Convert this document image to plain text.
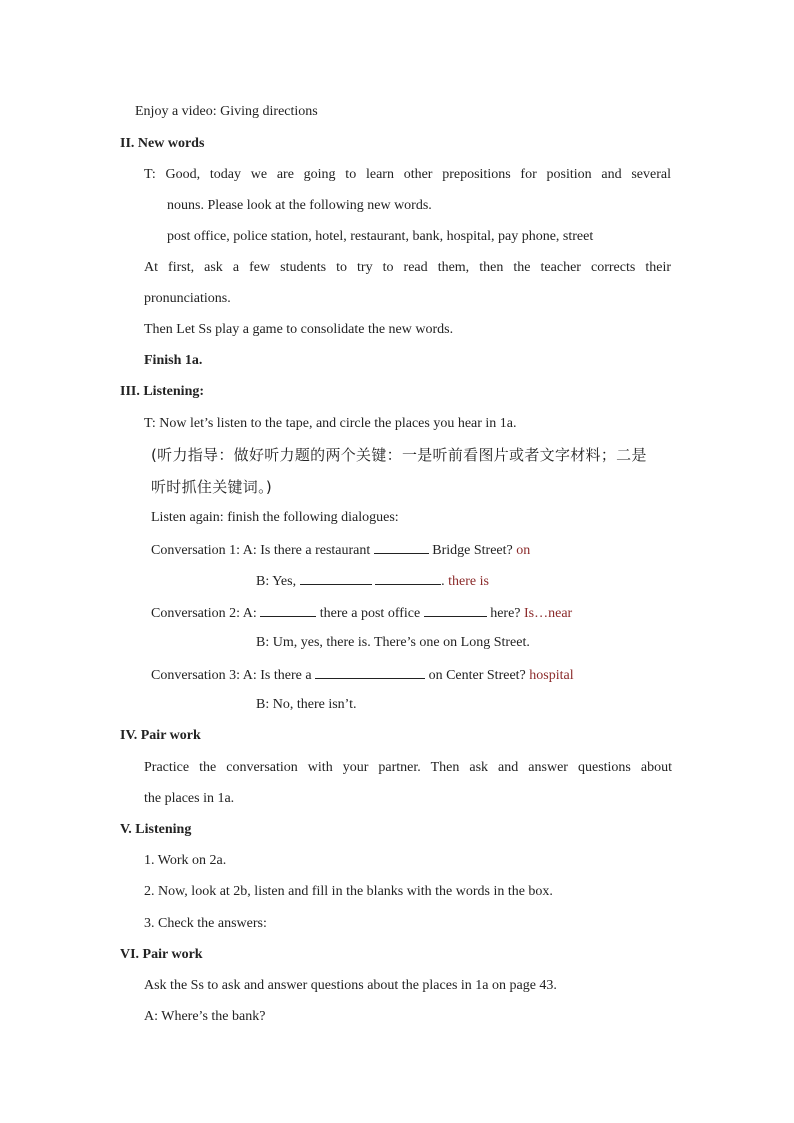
Enjoy a video: Giving directions
II. New words
T: Good, today we are going to learn other prepositions for position and several
nouns. Please look at the following new words.
post office, police station, hotel, restaurant, bank, hospital, pay phone, street
At first, ask a few students to try to read them, then the teacher corrects their
pronunciations.
Then Let Ss play a game to consolidate the new words.
Finish 1a.
III. Listening:
T: Now let’s listen to the tape, and circle the places you hear in 1a.
(听力指导：做好听力题的两个关键：一是听前看图片或者文字材料；二是
听时抓住关键词。)
Listen again: finish the following dialogues:
Conversation 1: A: Is there a restaurant	Bridge Street? on
B: Yes,	. there is
Conversation 2: A:	there a post office	here? Is…near
B: Um, yes, there is. There’s one on Long Street.
Conversation 3: A: Is there a	on Center Street? hospital
B: No, there isn’t.
IV. Pair work
Practice the conversation with your partner. Then ask and answer questions about
the places in 1a.
V. Listening
1. Work on 2a.
2. Now, look at 2b, listen and fill in the blanks with the words in the box.
3. Check the answers:
VI. Pair work
Ask the Ss to ask and answer questions about the places in 1a on page 43.
A: Where’s the bank?
